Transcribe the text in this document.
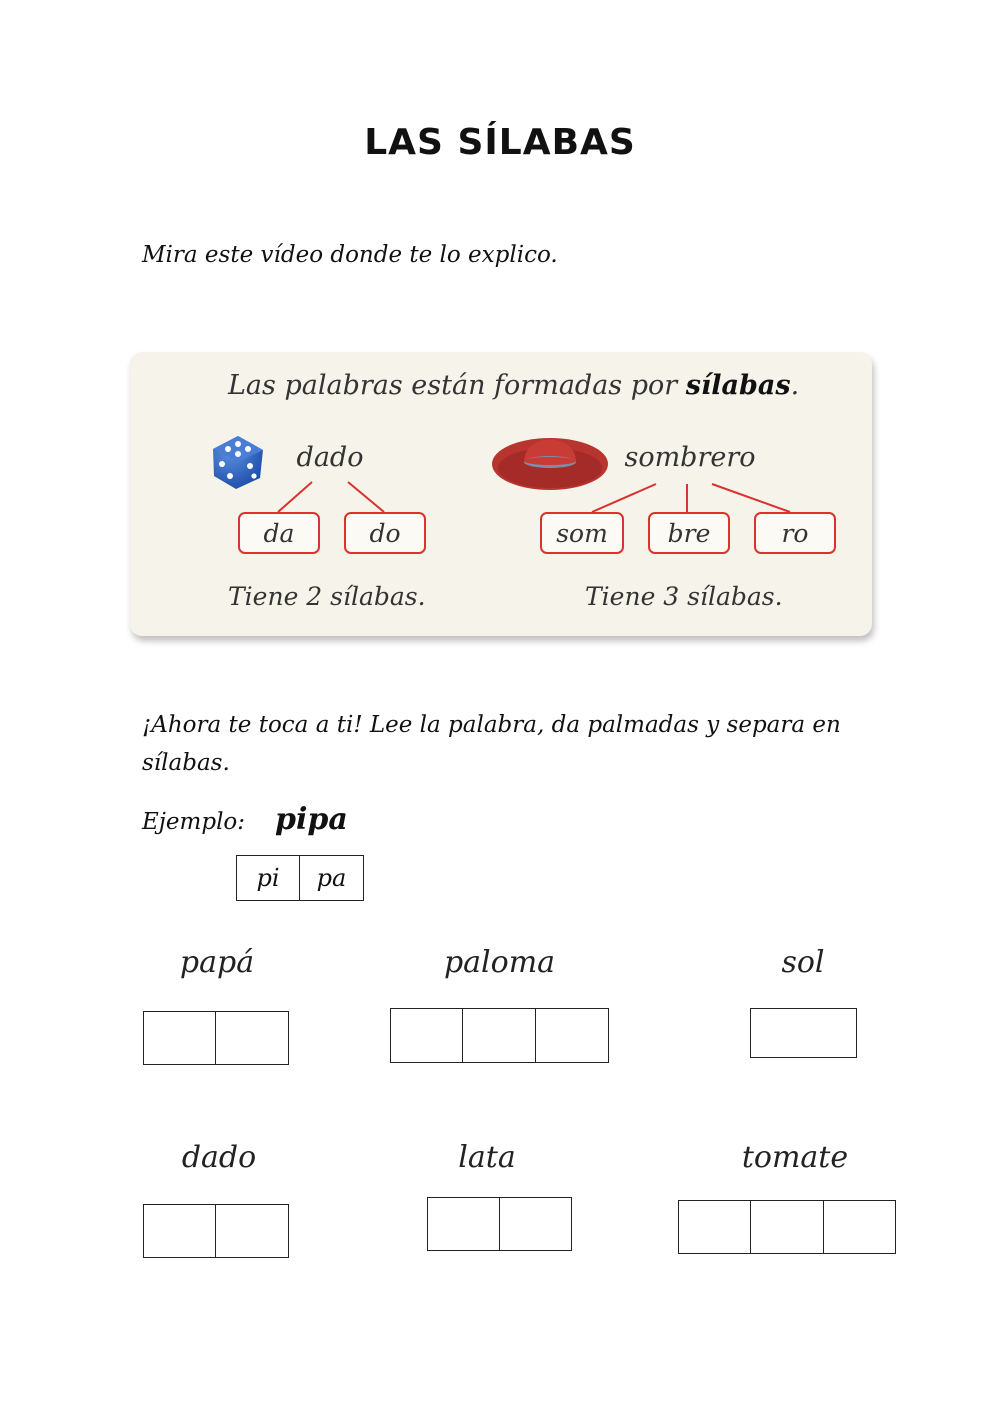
LAS SÍLABAS
Mira este vídeo donde te lo explico.
Las palabras están formadas por sílabas.
dado	sombrero
da	do	som	bre	ro
Tiene 2 sílabas.	Tiene 3 sílabas.
¡Ahora te toca a ti! Lee la palabra, da palmadas y separa en
sílabas.
Ejemplo: pipa
pi	pa
papá	paloma	sol
dado	lata	tomate
